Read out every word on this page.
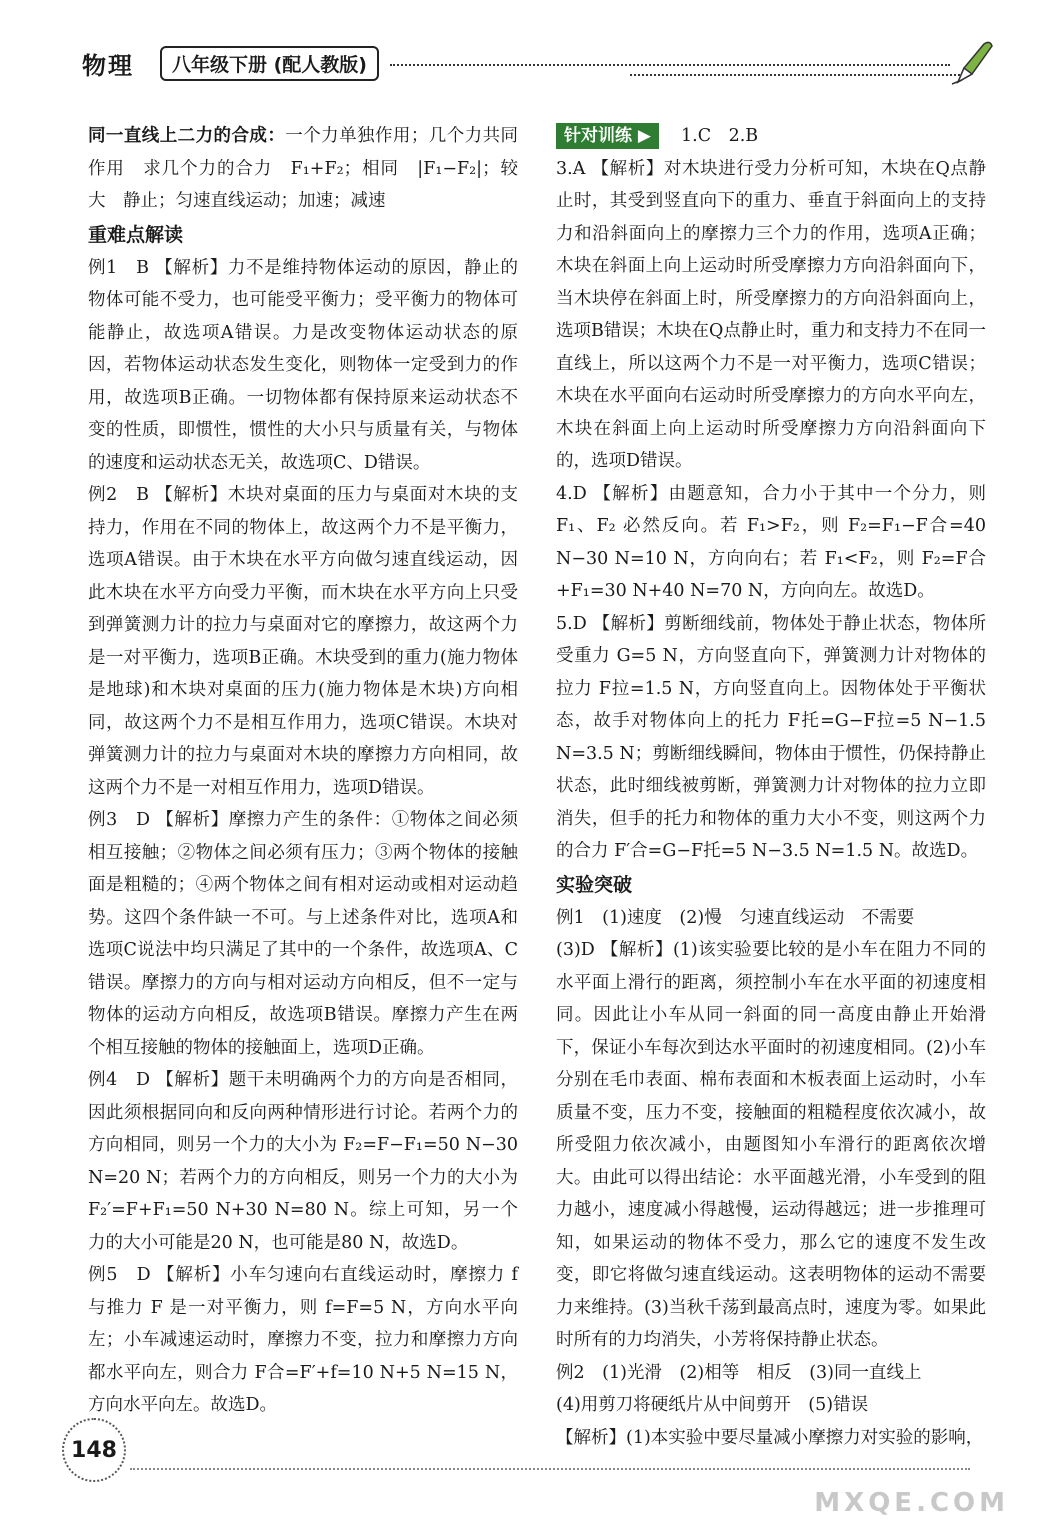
物理	八年级下册 (配人教版)

同一直线上二力的合成：一个力单独作用；几个力共同作用　求几个力的合力　F₁+F₂；相同　|F₁−F₂|；较大　静止；匀速直线运动；加速；减速

重难点解读

例1　B 【解析】力不是维持物体运动的原因，静止的物体可能不受力，也可能受平衡力；受平衡力的物体可能静止，故选项A错误。力是改变物体运动状态的原因，若物体运动状态发生变化，则物体一定受到力的作用，故选项B正确。一切物体都有保持原来运动状态不变的性质，即惯性，惯性的大小只与质量有关，与物体的速度和运动状态无关，故选项C、D错误。

例2　B 【解析】木块对桌面的压力与桌面对木块的支持力，作用在不同的物体上，故这两个力不是平衡力，选项A错误。由于木块在水平方向做匀速直线运动，因此木块在水平方向受力平衡，而木块在水平方向上只受到弹簧测力计的拉力与桌面对它的摩擦力，故这两个力是一对平衡力，选项B正确。木块受到的重力(施力物体是地球)和木块对桌面的压力(施力物体是木块)方向相同，故这两个力不是相互作用力，选项C错误。木块对弹簧测力计的拉力与桌面对木块的摩擦力方向相同，故这两个力不是一对相互作用力，选项D错误。

例3　D 【解析】摩擦力产生的条件：①物体之间必须相互接触；②物体之间必须有压力；③两个物体的接触面是粗糙的；④两个物体之间有相对运动或相对运动趋势。这四个条件缺一不可。与上述条件对比，选项A和选项C说法中均只满足了其中的一个条件，故选项A、C错误。摩擦力的方向与相对运动方向相反，但不一定与物体的运动方向相反，故选项B错误。摩擦力产生在两个相互接触的物体的接触面上，选项D正确。

例4　D 【解析】题干未明确两个力的方向是否相同，因此须根据同向和反向两种情形进行讨论。若两个力的方向相同，则另一个力的大小为 F₂=F−F₁=50 N−30 N=20 N；若两个力的方向相反，则另一个力的大小为 F₂′=F+F₁=50 N+30 N=80 N。综上可知，另一个力的大小可能是20 N，也可能是80 N，故选D。

例5　D 【解析】小车匀速向右直线运动时，摩擦力 f 与推力 F 是一对平衡力，则 f=F=5 N，方向水平向左；小车减速运动时，摩擦力不变，拉力和摩擦力方向都水平向左，则合力 F合=F′+f=10 N+5 N=15 N，方向水平向左。故选D。

针对训练 ▶ 1.C　2.B

3.A 【解析】对木块进行受力分析可知，木块在Q点静止时，其受到竖直向下的重力、垂直于斜面向上的支持力和沿斜面向上的摩擦力三个力的作用，选项A正确；木块在斜面上向上运动时所受摩擦力方向沿斜面向下，当木块停在斜面上时，所受摩擦力的方向沿斜面向上，选项B错误；木块在Q点静止时，重力和支持力不在同一直线上，所以这两个力不是一对平衡力，选项C错误；木块在水平面向右运动时所受摩擦力的方向水平向左，木块在斜面上向上运动时所受摩擦力方向沿斜面向下的，选项D错误。

4.D 【解析】由题意知，合力小于其中一个分力，则 F₁、F₂ 必然反向。若 F₁>F₂，则 F₂=F₁−F合=40 N−30 N=10 N，方向向右；若 F₁<F₂，则 F₂=F合+F₁=30 N+40 N=70 N，方向向左。故选D。

5.D 【解析】剪断细线前，物体处于静止状态，物体所受重力 G=5 N，方向竖直向下，弹簧测力计对物体的拉力 F拉=1.5 N，方向竖直向上。因物体处于平衡状态，故手对物体向上的托力 F托=G−F拉=5 N−1.5 N=3.5 N；剪断细线瞬间，物体由于惯性，仍保持静止状态，此时细线被剪断，弹簧测力计对物体的拉力立即消失，但手的托力和物体的重力大小不变，则这两个力的合力 F′合=G−F托=5 N−3.5 N=1.5 N。故选D。

实验突破

例1　(1)速度　(2)慢　匀速直线运动　不需要

(3)D 【解析】(1)该实验要比较的是小车在阻力不同的水平面上滑行的距离，须控制小车在水平面的初速度相同。因此让小车从同一斜面的同一高度由静止开始滑下，保证小车每次到达水平面时的初速度相同。(2)小车分别在毛巾表面、棉布表面和木板表面上运动时，小车质量不变，压力不变，接触面的粗糙程度依次减小，故所受阻力依次减小，由题图知小车滑行的距离依次增大。由此可以得出结论：水平面越光滑，小车受到的阻力越小，速度减小得越慢，运动得越远；进一步推理可知，如果运动的物体不受力，那么它的速度不发生改变，即它将做匀速直线运动。这表明物体的运动不需要力来维持。(3)当秋千荡到最高点时，速度为零。如果此时所有的力均消失，小芳将保持静止状态。

例2　(1)光滑　(2)相等　相反　(3)同一直线上

(4)用剪刀将硬纸片从中间剪开　(5)错误

【解析】(1)本实验中要尽量减小摩擦力对实验的影响，

148
MXQE.COM
